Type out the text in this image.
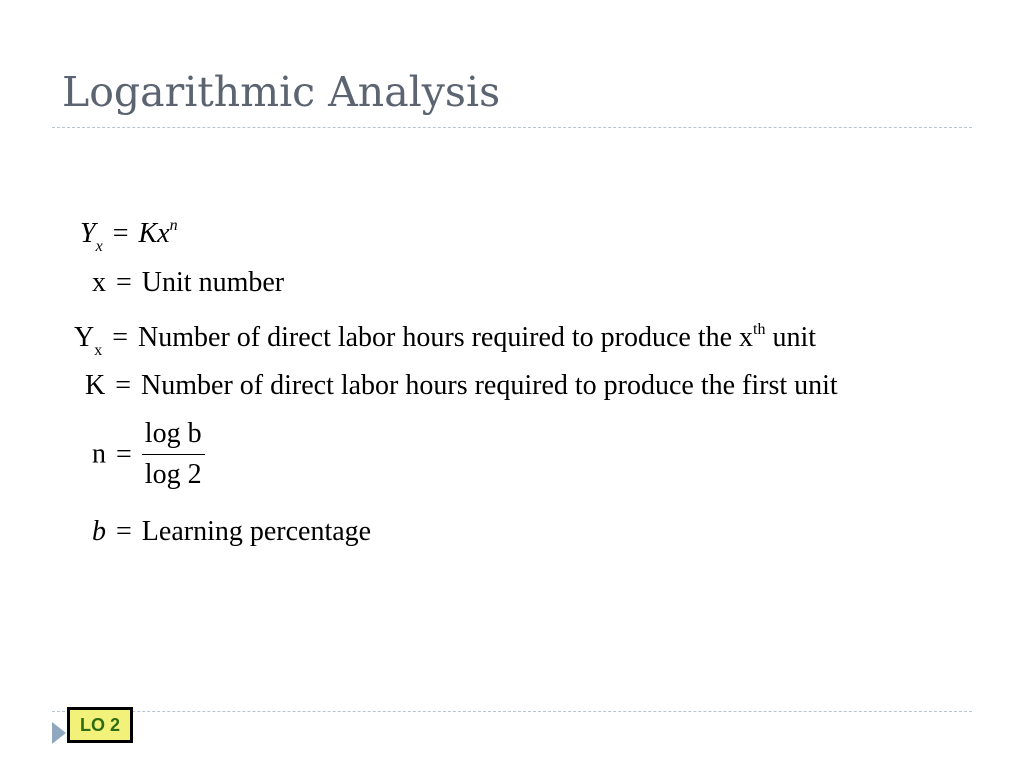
Logarithmic Analysis
$Y_x = Kx^n$
x = Unit number
$Y_x$ = Number of direct labor hours required to produce the $x^{th}$ unit
K = Number of direct labor hours required to produce the first unit
$n = \frac{\text{log b}}{\log 2}$
b = Learning percentage
LO 2
